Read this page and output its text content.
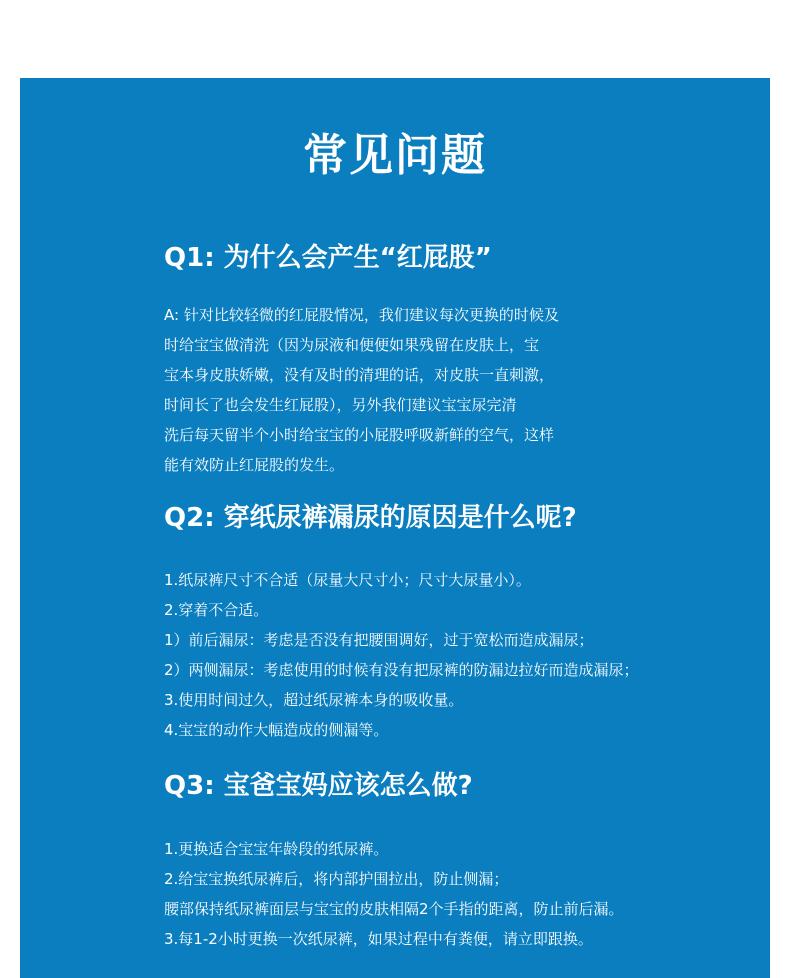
常见问题
Q1: 为什么会产生“红屁股”

A: 针对比较轻微的红屁股情况，我们建议每次更换的时候及
时给宝宝做清洗（因为尿液和便便如果残留在皮肤上，宝
宝本身皮肤娇嫩，没有及时的清理的话，对皮肤一直刺激，
时间长了也会发生红屁股），另外我们建议宝宝尿完清
洗后每天留半个小时给宝宝的小屁股呼吸新鲜的空气，这样
能有效防止红屁股的发生。

Q2: 穿纸尿裤漏尿的原因是什么呢?
1.纸尿裤尺寸不合适（尿量大尺寸小；尺寸大尿量小）。
2.穿着不合适。
1）前后漏尿：考虑是否没有把腰围调好，过于宽松而造成漏尿；
2）两侧漏尿：考虑使用的时候有没有把尿裤的防漏边拉好而造成漏尿；
3.使用时间过久，超过纸尿裤本身的吸收量。
4.宝宝的动作大幅造成的侧漏等。
Q3: 宝爸宝妈应该怎么做?
1.更换适合宝宝年龄段的纸尿裤。
2.给宝宝换纸尿裤后，将内部护围拉出，防止侧漏；
腰部保持纸尿裤面层与宝宝的皮肤相隔2个手指的距离，防止前后漏。
3.每1-2小时更换一次纸尿裤，如果过程中有粪便，请立即跟换。
